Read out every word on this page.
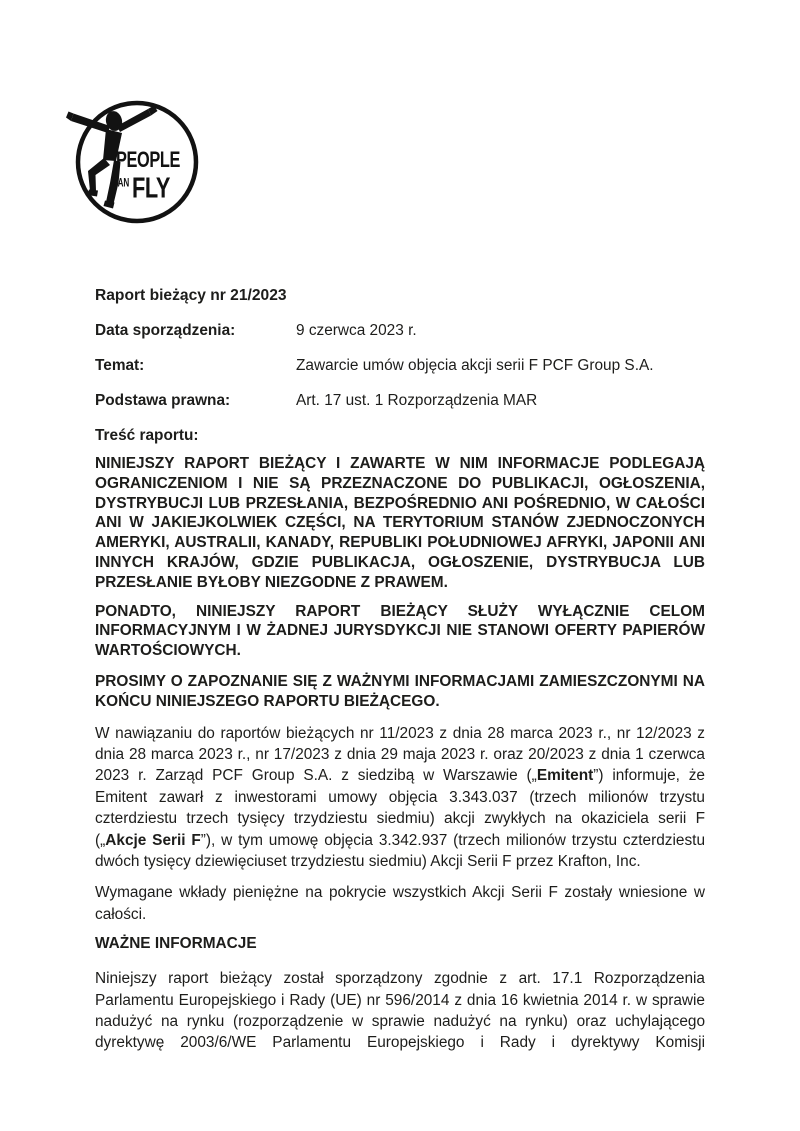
PEOPLE
CAN FLY
Raport bieżący nr 21/2023
Data sporządzenia:	9 czerwca 2023 r.
Temat:	Zawarcie umów objęcia akcji serii F PCF Group S.A.
Podstawa prawna:	Art. 17 ust. 1 Rozporządzenia MAR
Treść raportu:

NINIEJSZY RAPORT BIEŻĄCY I ZAWARTE W NIM INFORMACJE PODLEGAJĄ OGRANICZENIOM I NIE SĄ PRZEZNACZONE DO PUBLIKACJI, OGŁOSZENIA, DYSTRYBUCJI LUB PRZESŁANIA, BEZPOŚREDNIO ANI POŚREDNIO, W CAŁOŚCI ANI W JAKIEJKOLWIEK CZĘŚCI, NA TERYTORIUM STANÓW ZJEDNOCZONYCH AMERYKI, AUSTRALII, KANADY, REPUBLIKI POŁUDNIOWEJ AFRYKI, JAPONII ANI INNYCH KRAJÓW, GDZIE PUBLIKACJA, OGŁOSZENIE, DYSTRYBUCJA LUB PRZESŁANIE BYŁOBY NIEZGODNE Z PRAWEM.

PONADTO, NINIEJSZY RAPORT BIEŻĄCY SŁUŻY WYŁĄCZNIE CELOM INFORMACYJNYM I W ŻADNEJ JURYSDYKCJI NIE STANOWI OFERTY PAPIERÓW WARTOŚCIOWYCH.

PROSIMY O ZAPOZNANIE SIĘ Z WAŻNYMI INFORMACJAMI ZAMIESZCZONYMI NA KOŃCU NINIEJSZEGO RAPORTU BIEŻĄCEGO.

W nawiązaniu do raportów bieżących nr 11/2023 z dnia 28 marca 2023 r., nr 12/2023 z dnia 28 marca 2023 r., nr 17/2023 z dnia 29 maja 2023 r. oraz 20/2023 z dnia 1 czerwca 2023 r. Zarząd PCF Group S.A. z siedzibą w Warszawie („Emitent”) informuje, że Emitent zawarł z inwestorami umowy objęcia 3.343.037 (trzech milionów trzystu czterdziestu trzech tysięcy trzydziestu siedmiu) akcji zwykłych na okaziciela serii F („Akcje Serii F”), w tym umowę objęcia 3.342.937 (trzech milionów trzystu czterdziestu dwóch tysięcy dziewięciuset trzydziestu siedmiu) Akcji Serii F przez Krafton, Inc.

Wymagane wkłady pieniężne na pokrycie wszystkich Akcji Serii F zostały wniesione w całości.

WAŻNE INFORMACJE

Niniejszy raport bieżący został sporządzony zgodnie z art. 17.1 Rozporządzenia Parlamentu Europejskiego i Rady (UE) nr 596/2014 z dnia 16 kwietnia 2014 r. w sprawie nadużyć na rynku (rozporządzenie w sprawie nadużyć na rynku) oraz uchylającego dyrektywę 2003/6/WE Parlamentu Europejskiego i Rady i dyrektywy Komisji
